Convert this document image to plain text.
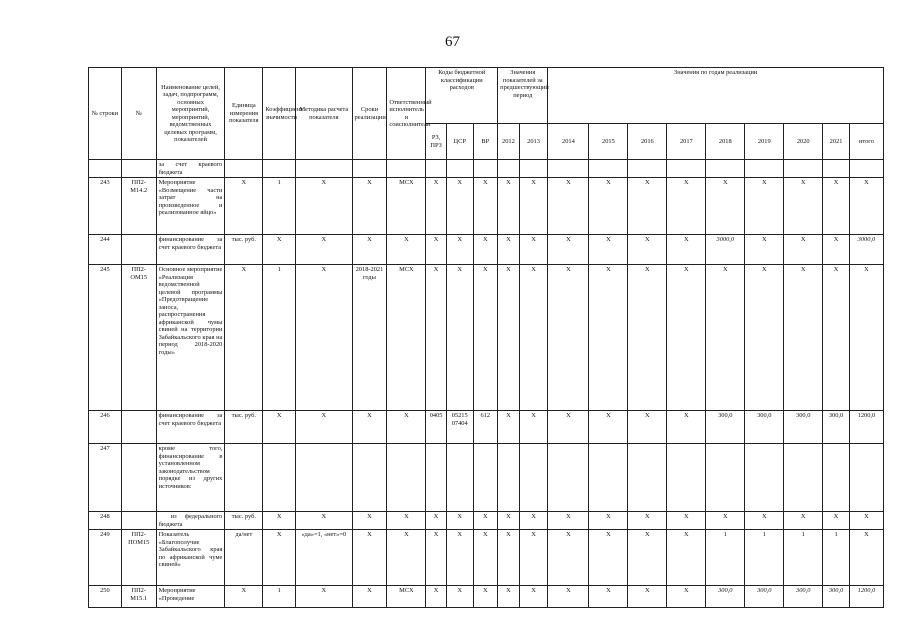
67
№ строки	№	Наименование целей, задач, подпрограмм, основных мероприятий, мероприятий, ведомственных целевых программ, показателей	Единица измерения показателя	Коэффициент значимости	Методика расчета показателя	Сроки реализации	Ответственный исполнитель и соисполнители	Коды бюджетной классификации расходов			Значения показателей за предшествующий период		Значения по годам реализации								
								РЗ, ПРЗ	ЦСР	ВР	2012	2013	2014	2015	2016	2017	2018	2019	2020	2021	итого
		за счет краевого бюджета																			
243	ПП2-М14.2	Мероприятие «Возмещение части затрат на произведенное и реализованное яйцо»	Х	1	Х	Х	МСХ	Х	Х	Х	Х	Х	Х	Х	Х	Х	Х	Х	Х	Х	Х
244		финансирование за счет краевого бюджета	тыс. руб.	Х	Х	Х	Х	Х	Х	Х	Х	Х	Х	Х	Х	Х	3000,0	Х	Х	Х	3000,0
245	ПП2-ОМ15	Основное мероприятие «Реализация ведомственной целевой программы «Предотвращение заноса, распространения африканской чумы свиней на территории Забайкальского края на период 2018-2020 годы»	Х	1	Х	2018-2021 годы	МСХ	Х	Х	Х	Х	Х	Х	Х	Х	Х	Х	Х	Х	Х	Х
246		финансирование за счет краевого бюджета	тыс. руб.	Х	Х	Х	Х	0405	05215 07404	612	Х	Х	Х	Х	Х	Х	300,0	300,0	300,0	300,0	1200,0
247		кроме того, финансирование в установленном законодательством порядке из других источников:																			
248		из федерального бюджета	тыс. руб.	Х	Х	Х	Х	Х	Х	Х	Х	Х	Х	Х	Х	Х	Х	Х	Х	Х	Х
249	ПП2-ПОМ15	Показатель «Благополучие Забайкальского края по африканской чуме свиней»	да/нет	Х	«да»=1, «нет»=0	Х	Х	Х	Х	Х	Х	Х	Х	Х	Х	Х	1	1	1	1	Х
250	ПП2-М15.1	Мероприятие «Проведение	Х	1	Х	Х	МСХ	Х	Х	Х	Х	Х	Х	Х	Х	Х	300,0	300,0	300,0	300,0	1200,0
